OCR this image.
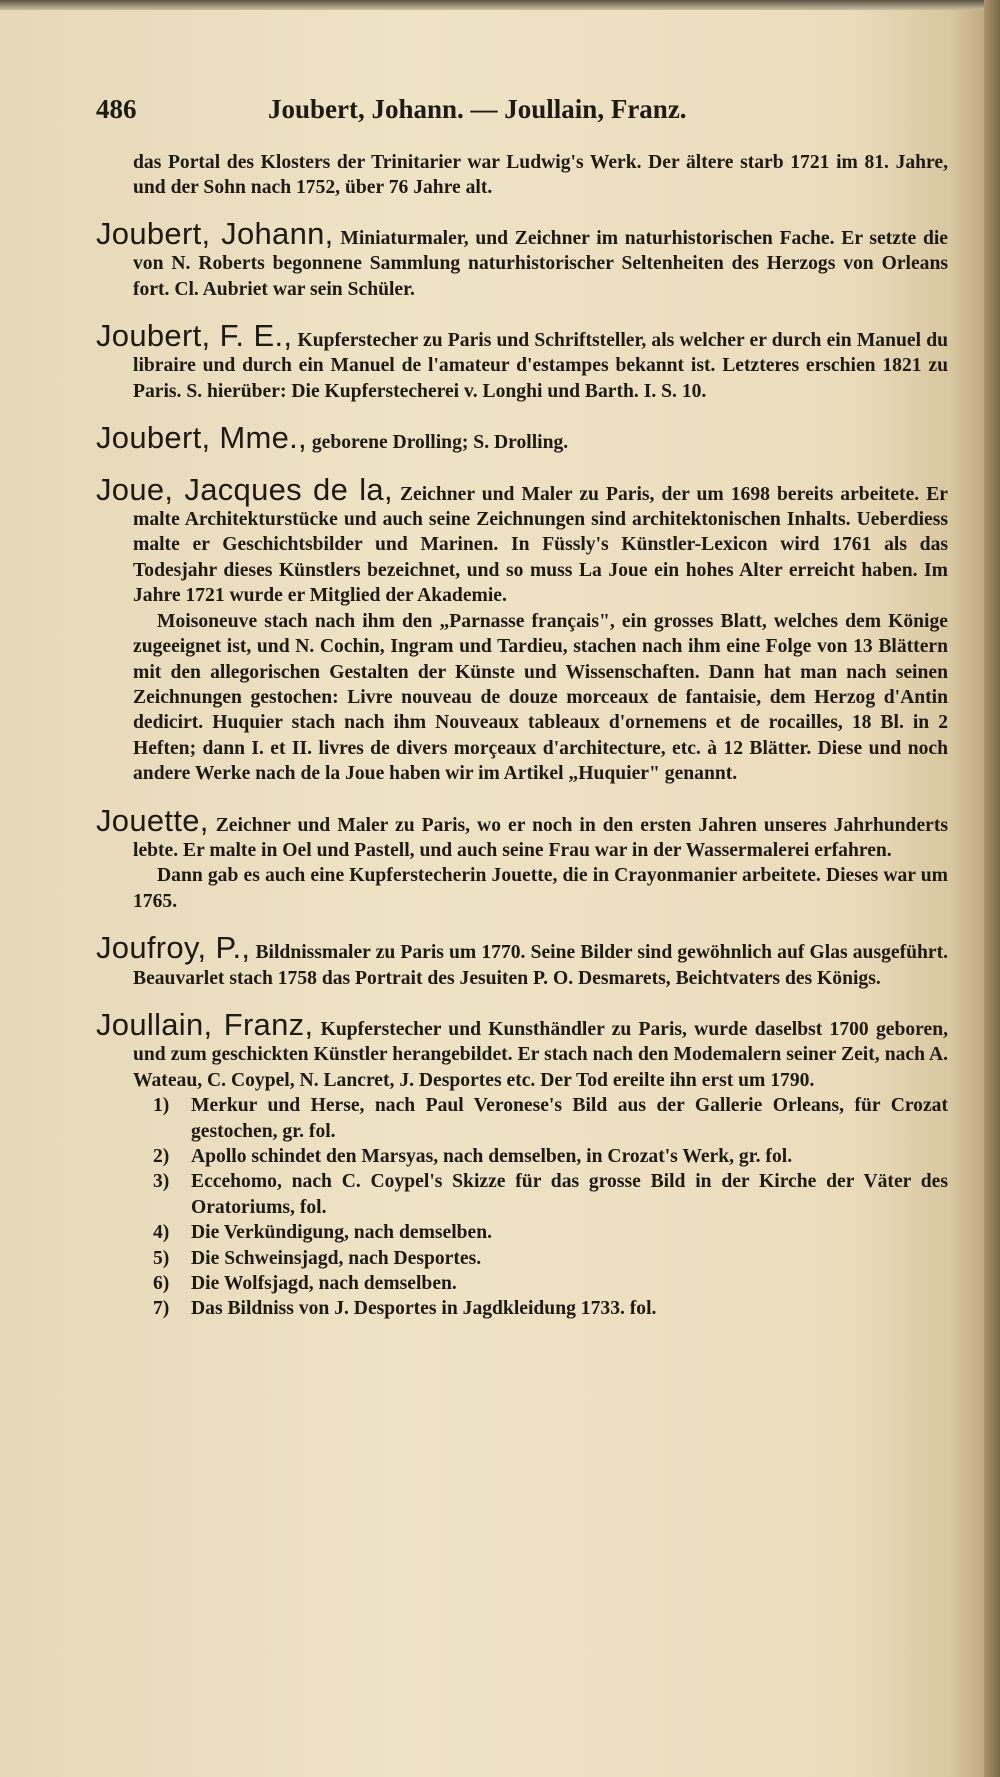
486	Joubert, Johann. — Joullain, Franz.

das Portal des Klosters der Trinitarier war Ludwig's Werk. Der ältere starb 1721 im 81. Jahre, und der Sohn nach 1752, über 76 Jahre alt.

Joubert, Johann, Miniaturmaler, und Zeichner im naturhistorischen Fache. Er setzte die von N. Roberts begonnene Sammlung naturhistorischer Seltenheiten des Herzogs von Orleans fort. Cl. Aubriet war sein Schüler.
Joubert, F. E., Kupferstecher zu Paris und Schriftsteller, als welcher er durch ein Manuel du libraire und durch ein Manuel de l'amateur d'estampes bekannt ist. Letzteres erschien 1821 zu Paris. S. hierüber: Die Kupferstecherei v. Longhi und Barth. I. S. 10.
Joubert, Mme., geborene Drolling; S. Drolling.
Joue, Jacques de la, Zeichner und Maler zu Paris, der um 1698 bereits arbeitete. Er malte Architekturstücke und auch seine Zeichnungen sind architektonischen Inhalts. Ueberdiess malte er Geschichtsbilder und Marinen. In Füssly's Künstler-Lexicon wird 1761 als das Todesjahr dieses Künstlers bezeichnet, und so muss La Joue ein hohes Alter erreicht haben. Im Jahre 1721 wurde er Mitglied der Akademie.

Moisoneuve stach nach ihm den „Parnasse français", ein grosses Blatt, welches dem Könige zugeeignet ist, und N. Cochin, Ingram und Tardieu, stachen nach ihm eine Folge von 13 Blättern mit den allegorischen Gestalten der Künste und Wissenschaften. Dann hat man nach seinen Zeichnungen gestochen: Livre nouveau de douze morceaux de fantaisie, dem Herzog d'Antin dedicirt. Huquier stach nach ihm Nouveaux tableaux d'ornemens et de rocailles, 18 Bl. in 2 Heften; dann I. et II. livres de divers morçeaux d'architecture, etc. à 12 Blätter. Diese und noch andere Werke nach de la Joue haben wir im Artikel „Huquier" genannt.

Jouette, Zeichner und Maler zu Paris, wo er noch in den ersten Jahren unseres Jahrhunderts lebte. Er malte in Oel und Pastell, und auch seine Frau war in der Wassermalerei erfahren.

Dann gab es auch eine Kupferstecherin Jouette, die in Crayonmanier arbeitete. Dieses war um 1765.

Joufroy, P., Bildnissmaler zu Paris um 1770. Seine Bilder sind gewöhnlich auf Glas ausgeführt. Beauvarlet stach 1758 das Portrait des Jesuiten P. O. Desmarets, Beichtvaters des Königs.
Joullain, Franz, Kupferstecher und Kunsthändler zu Paris, wurde daselbst 1700 geboren, und zum geschickten Künstler herangebildet. Er stach nach den Modemalern seiner Zeit, nach A. Wateau, C. Coypel, N. Lancret, J. Desportes etc. Der Tod ereilte ihn erst um 1790.
1) Merkur und Herse, nach Paul Veronese's Bild aus der Gallerie Orleans, für Crozat gestochen, gr. fol.
2) Apollo schindet den Marsyas, nach demselben, in Crozat's Werk, gr. fol.
3) Eccehomo, nach C. Coypel's Skizze für das grosse Bild in der Kirche der Väter des Oratoriums, fol.
4) Die Verkündigung, nach demselben.
5) Die Schweinsjagd, nach Desportes.
6) Die Wolfsjagd, nach demselben.
7) Das Bildniss von J. Desportes in Jagdkleidung 1733. fol.
